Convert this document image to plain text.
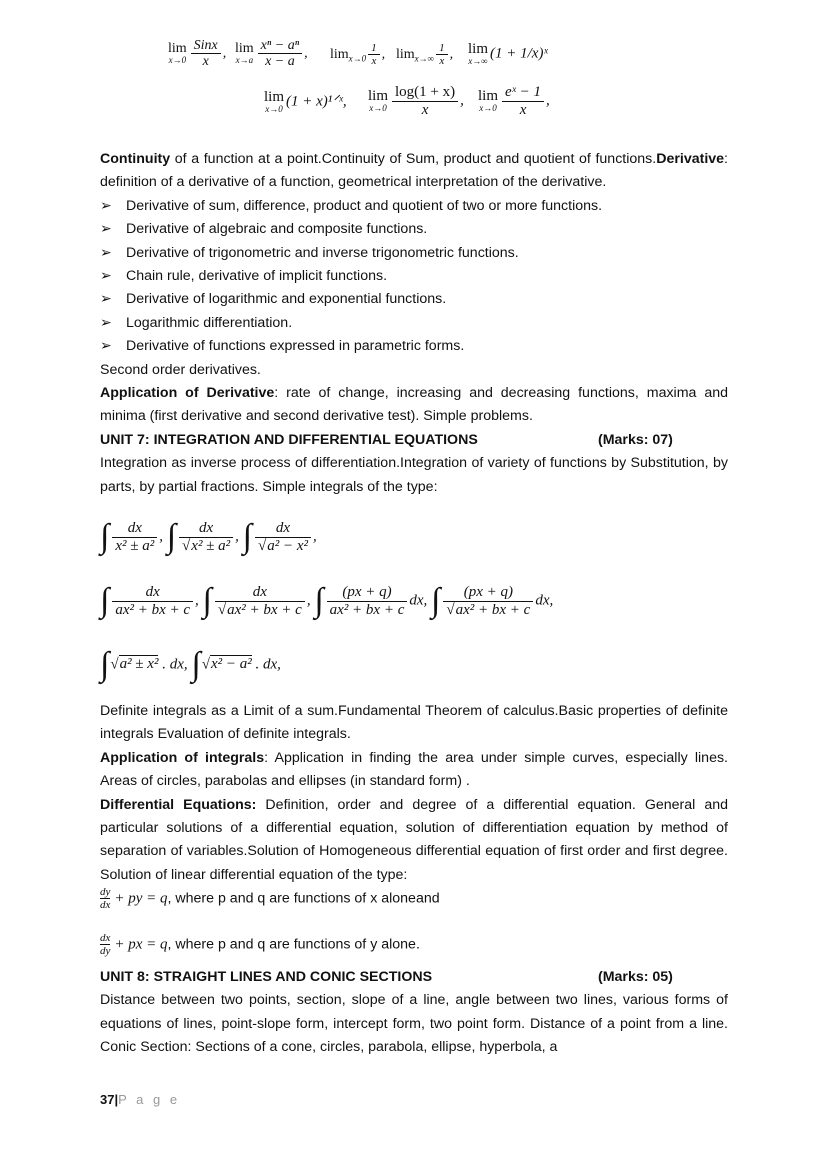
lim
$x\to 0 \frac{\text{Sinx}}{x}$ , lim
$x\to a \frac{\text{xⁿ − aⁿ}}{x - a}$ , $\lim_{x\to 0} \frac{1}{x}$ , $\lim_{x\to\infty} \frac{1}{x}$ , lim
x→∞ (1 + 1/x)ˣ
lim
x→0 (1 + x)¹ᐟˣ, lim
$x\to 0 \frac{\log(1 + x)}{x}$ , lim
$x\to 0 \frac{\text{eˣ − 1}}{x}$ ,

Continuity of a function at a point.Continuity of Sum, product and quotient of functions.Derivative: definition of a derivative of a function, geometrical interpretation of the derivative.

➢ Derivative of sum, difference, product and quotient of two or more functions.

➢ Derivative of algebraic and composite functions.

➢ Derivative of trigonometric and inverse trigonometric functions.

➢ Chain rule, derivative of implicit functions.

➢ Derivative of logarithmic and exponential functions.

➢ Logarithmic differentiation.

➢ Derivative of functions expressed in parametric forms.

Second order derivatives.

Application of Derivative: rate of change, increasing and decreasing functions, maxima and minima (first derivative and second derivative test). Simple problems.

UNIT 7: INTEGRATION AND DIFFERENTIAL EQUATIONS	(Marks: 07)

Integration as inverse process of differentiation.Integration of variety of functions by Substitution, by parts, by partial fractions. Simple integrals of the type:

∫ $\frac{dx}{\text{x² ± a²}}$ , ∫ $\frac{dx}{\text{√x² ± a²}}$ , ∫ $\frac{dx}{\text{√a² − x²}}$ ,
∫ $\frac{dx}{\text{ax² + bx + c}}$ , ∫ $\frac{dx}{\text{√ax² + bx + c}}$ , ∫ $\frac{(px + q)}{\text{ax² + bx + c}}$ dx, ∫ $\frac{(px + q)}{\text{√ax² + bx + c}}$ dx,
∫√a² ± x² . dx, ∫√x² − a² . dx,

Definite integrals as a Limit of a sum.Fundamental Theorem of calculus.Basic properties of definite integrals Evaluation of definite integrals.

Application of integrals: Application in finding the area under simple curves, especially lines. Areas of circles, parabolas and ellipses (in standard form) .

Differential Equations: Definition, order and degree of a differential equation. General and particular solutions of a differential equation, solution of differentiation equation by method of separation of variables.Solution of Homogeneous differential equation of first order and first degree. Solution of linear differential equation of the type:

$\frac{dy}{dx}$ + py = q, where p and q are functions of x aloneand
$\frac{dx}{dy}$ + px = q, where p and q are functions of y alone.
UNIT 8: STRAIGHT LINES AND CONIC SECTIONS	(Marks: 05)

Distance between two points, section, slope of a line, angle between two lines, various forms of equations of lines, point-slope form, intercept form, two point form. Distance of a point from a line. Conic Section: Sections of a cone, circles, parabola, ellipse, hyperbola, a

37|P a g e
